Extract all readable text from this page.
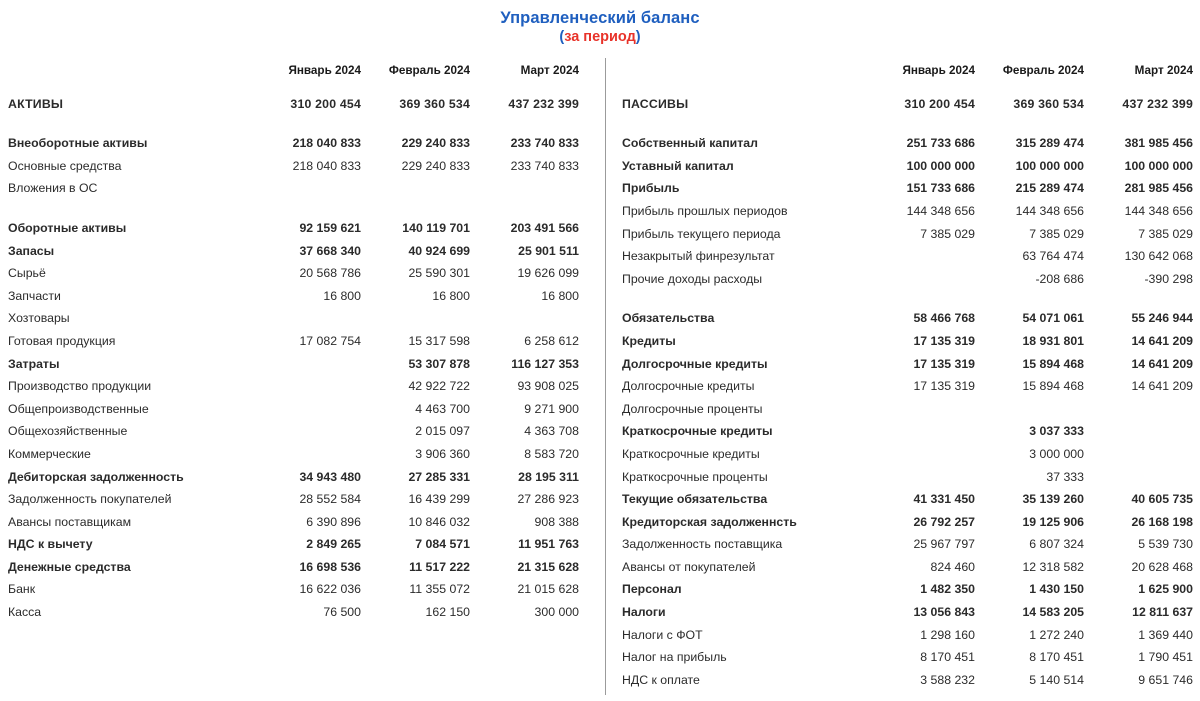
Управленческий баланс
(за период)
	Январь 2024	Февраль 2024	Март 2024
АКТИВЫ	310 200 454	369 360 534	437 232 399

Внеоборотные активы	218 040 833	229 240 833	233 740 833
Основные средства	218 040 833	229 240 833	233 740 833
Вложения в ОС			

Оборотные активы	92 159 621	140 119 701	203 491 566
Запасы	37 668 340	40 924 699	25 901 511
Сырьё	20 568 786	25 590 301	19 626 099
Запчасти	16 800	16 800	16 800
Хозтовары			
Готовая продукция	17 082 754	15 317 598	6 258 612
Затраты		53 307 878	116 127 353
Производство продукции		42 922 722	93 908 025
Общепроизводственные		4 463 700	9 271 900
Общехозяйственные		2 015 097	4 363 708
Коммерческие		3 906 360	8 583 720
Дебиторская задолженность	34 943 480	27 285 331	28 195 311
Задолженность покупателей	28 552 584	16 439 299	27 286 923
Авансы поставщикам	6 390 896	10 846 032	908 388
НДС к вычету	2 849 265	7 084 571	11 951 763
Денежные средства	16 698 536	11 517 222	21 315 628
Банк	16 622 036	11 355 072	21 015 628
Касса	76 500	162 150	300 000
	Январь 2024	Февраль 2024	Март 2024
ПАССИВЫ	310 200 454	369 360 534	437 232 399

Собственный капитал	251 733 686	315 289 474	381 985 456
Уставный капитал	100 000 000	100 000 000	100 000 000
Прибыль	151 733 686	215 289 474	281 985 456
Прибыль прошлых периодов	144 348 656	144 348 656	144 348 656
Прибыль текущего периода	7 385 029	7 385 029	7 385 029
Незакрытый финрезультат		63 764 474	130 642 068
Прочие доходы расходы		-208 686	-390 298

Обязательства	58 466 768	54 071 061	55 246 944
Кредиты	17 135 319	18 931 801	14 641 209
Долгосрочные кредиты	17 135 319	15 894 468	14 641 209
Долгосрочные кредиты	17 135 319	15 894 468	14 641 209
Долгосрочные проценты			
Краткосрочные кредиты		3 037 333	
Краткосрочные кредиты		3 000 000	
Краткосрочные проценты		37 333	
Текущие обязательства	41 331 450	35 139 260	40 605 735
Кредиторская задолженнсть	26 792 257	19 125 906	26 168 198
Задолженность поставщика	25 967 797	6 807 324	5 539 730
Авансы от покупателей	824 460	12 318 582	20 628 468
Персонал	1 482 350	1 430 150	1 625 900
Налоги	13 056 843	14 583 205	12 811 637
Налоги с ФОТ	1 298 160	1 272 240	1 369 440
Налог на прибыль	8 170 451	8 170 451	1 790 451
НДС к оплате	3 588 232	5 140 514	9 651 746
